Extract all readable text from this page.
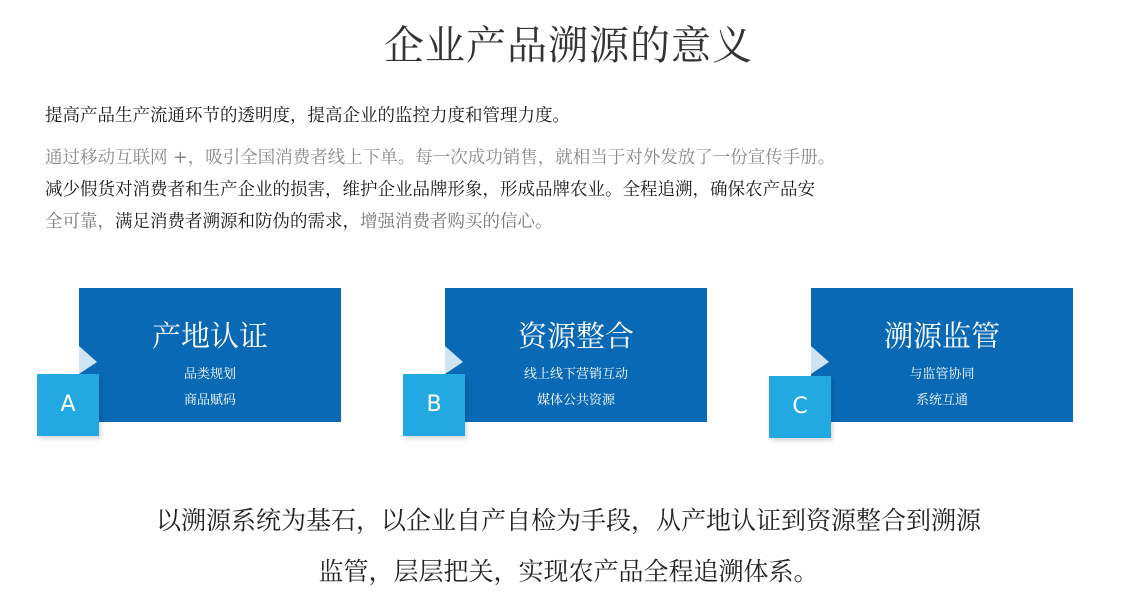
企业产品溯源的意义
提高产品生产流通环节的透明度，提高企业的监控力度和管理力度。
通过移动互联网 +，吸引全国消费者线上下单。每一次成功销售，就相当于对外发放了一份宣传手册。
减少假货对消费者和生产企业的损害，维护企业品牌形象，形成品牌农业。全程追溯，确保农产品安
全可靠，满足消费者溯源和防伪的需求，增强消费者购买的信心。
产地认证
品类规划
商品赋码
A
资源整合
线上线下营销互动
媒体公共资源
B
溯源监管
与监管协同
系统互通
C
以溯源系统为基石，以企业自产自检为手段，从产地认证到资源整合到溯源
监管，层层把关，实现农产品全程追溯体系。
